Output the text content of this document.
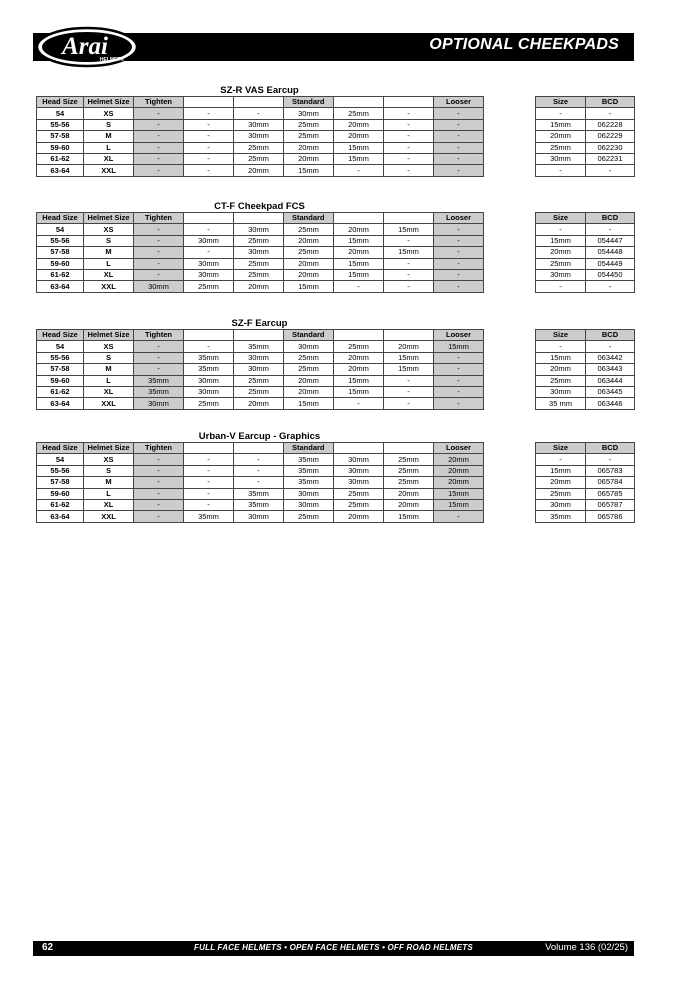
OPTIONAL CHEEKPADS
Arai
HELMET®
SZ-R VAS Earcup
Head Size	Helmet Size	Tighten			Standard			Looser
54	XS	-	-	-	30mm	25mm	-	-
55-56	S	-	-	30mm	25mm	20mm	-	-
57-58	M	-	-	30mm	25mm	20mm	-	-
59-60	L	-	-	25mm	20mm	15mm	-	-
61-62	XL	-	-	25mm	20mm	15mm	-	-
63-64	XXL	-	-	20mm	15mm	-	-	-
Size	BCD
-	-
15mm	062228
20mm	062229
25mm	062230
30mm	062231
-	-
CT-F Cheekpad FCS
Head Size	Helmet Size	Tighten			Standard			Looser
54	XS	-	-	30mm	25mm	20mm	15mm	-
55-56	S	-	30mm	25mm	20mm	15mm	-	-
57-58	M	-	-	30mm	25mm	20mm	15mm	-
59-60	L	-	30mm	25mm	20mm	15mm	-	-
61-62	XL	-	30mm	25mm	20mm	15mm	-	-
63-64	XXL	30mm	25mm	20mm	15mm	-	-	-
Size	BCD
-	-
15mm	054447
20mm	054448
25mm	054449
30mm	054450
-	-
SZ-F Earcup
Head Size	Helmet Size	Tighten			Standard			Looser
54	XS	-	-	35mm	30mm	25mm	20mm	15mm
55-56	S	-	35mm	30mm	25mm	20mm	15mm	-
57-58	M	-	35mm	30mm	25mm	20mm	15mm	-
59-60	L	35mm	30mm	25mm	20mm	15mm	-	-
61-62	XL	35mm	30mm	25mm	20mm	15mm	-	-
63-64	XXL	30mm	25mm	20mm	15mm	-	-	-
Size	BCD
-	-
15mm	063442
20mm	063443
25mm	063444
30mm	063445
35 mm	063446
Urban-V Earcup - Graphics
Head Size	Helmet Size	Tighten			Standard			Looser
54	XS	-	-	-	35mm	30mm	25mm	20mm
55-56	S	-	-	-	35mm	30mm	25mm	20mm
57-58	M	-	-	-	35mm	30mm	25mm	20mm
59-60	L	-	-	35mm	30mm	25mm	20mm	15mm
61-62	XL	-	-	35mm	30mm	25mm	20mm	15mm
63-64	XXL	-	35mm	30mm	25mm	20mm	15mm	-
Size	BCD
-	-
15mm	065783
20mm	065784
25mm	065785
30mm	065787
35mm	065786
62	FULL FACE HELMETS • OPEN FACE HELMETS • OFF ROAD HELMETS	Volume 136 (02/25)
